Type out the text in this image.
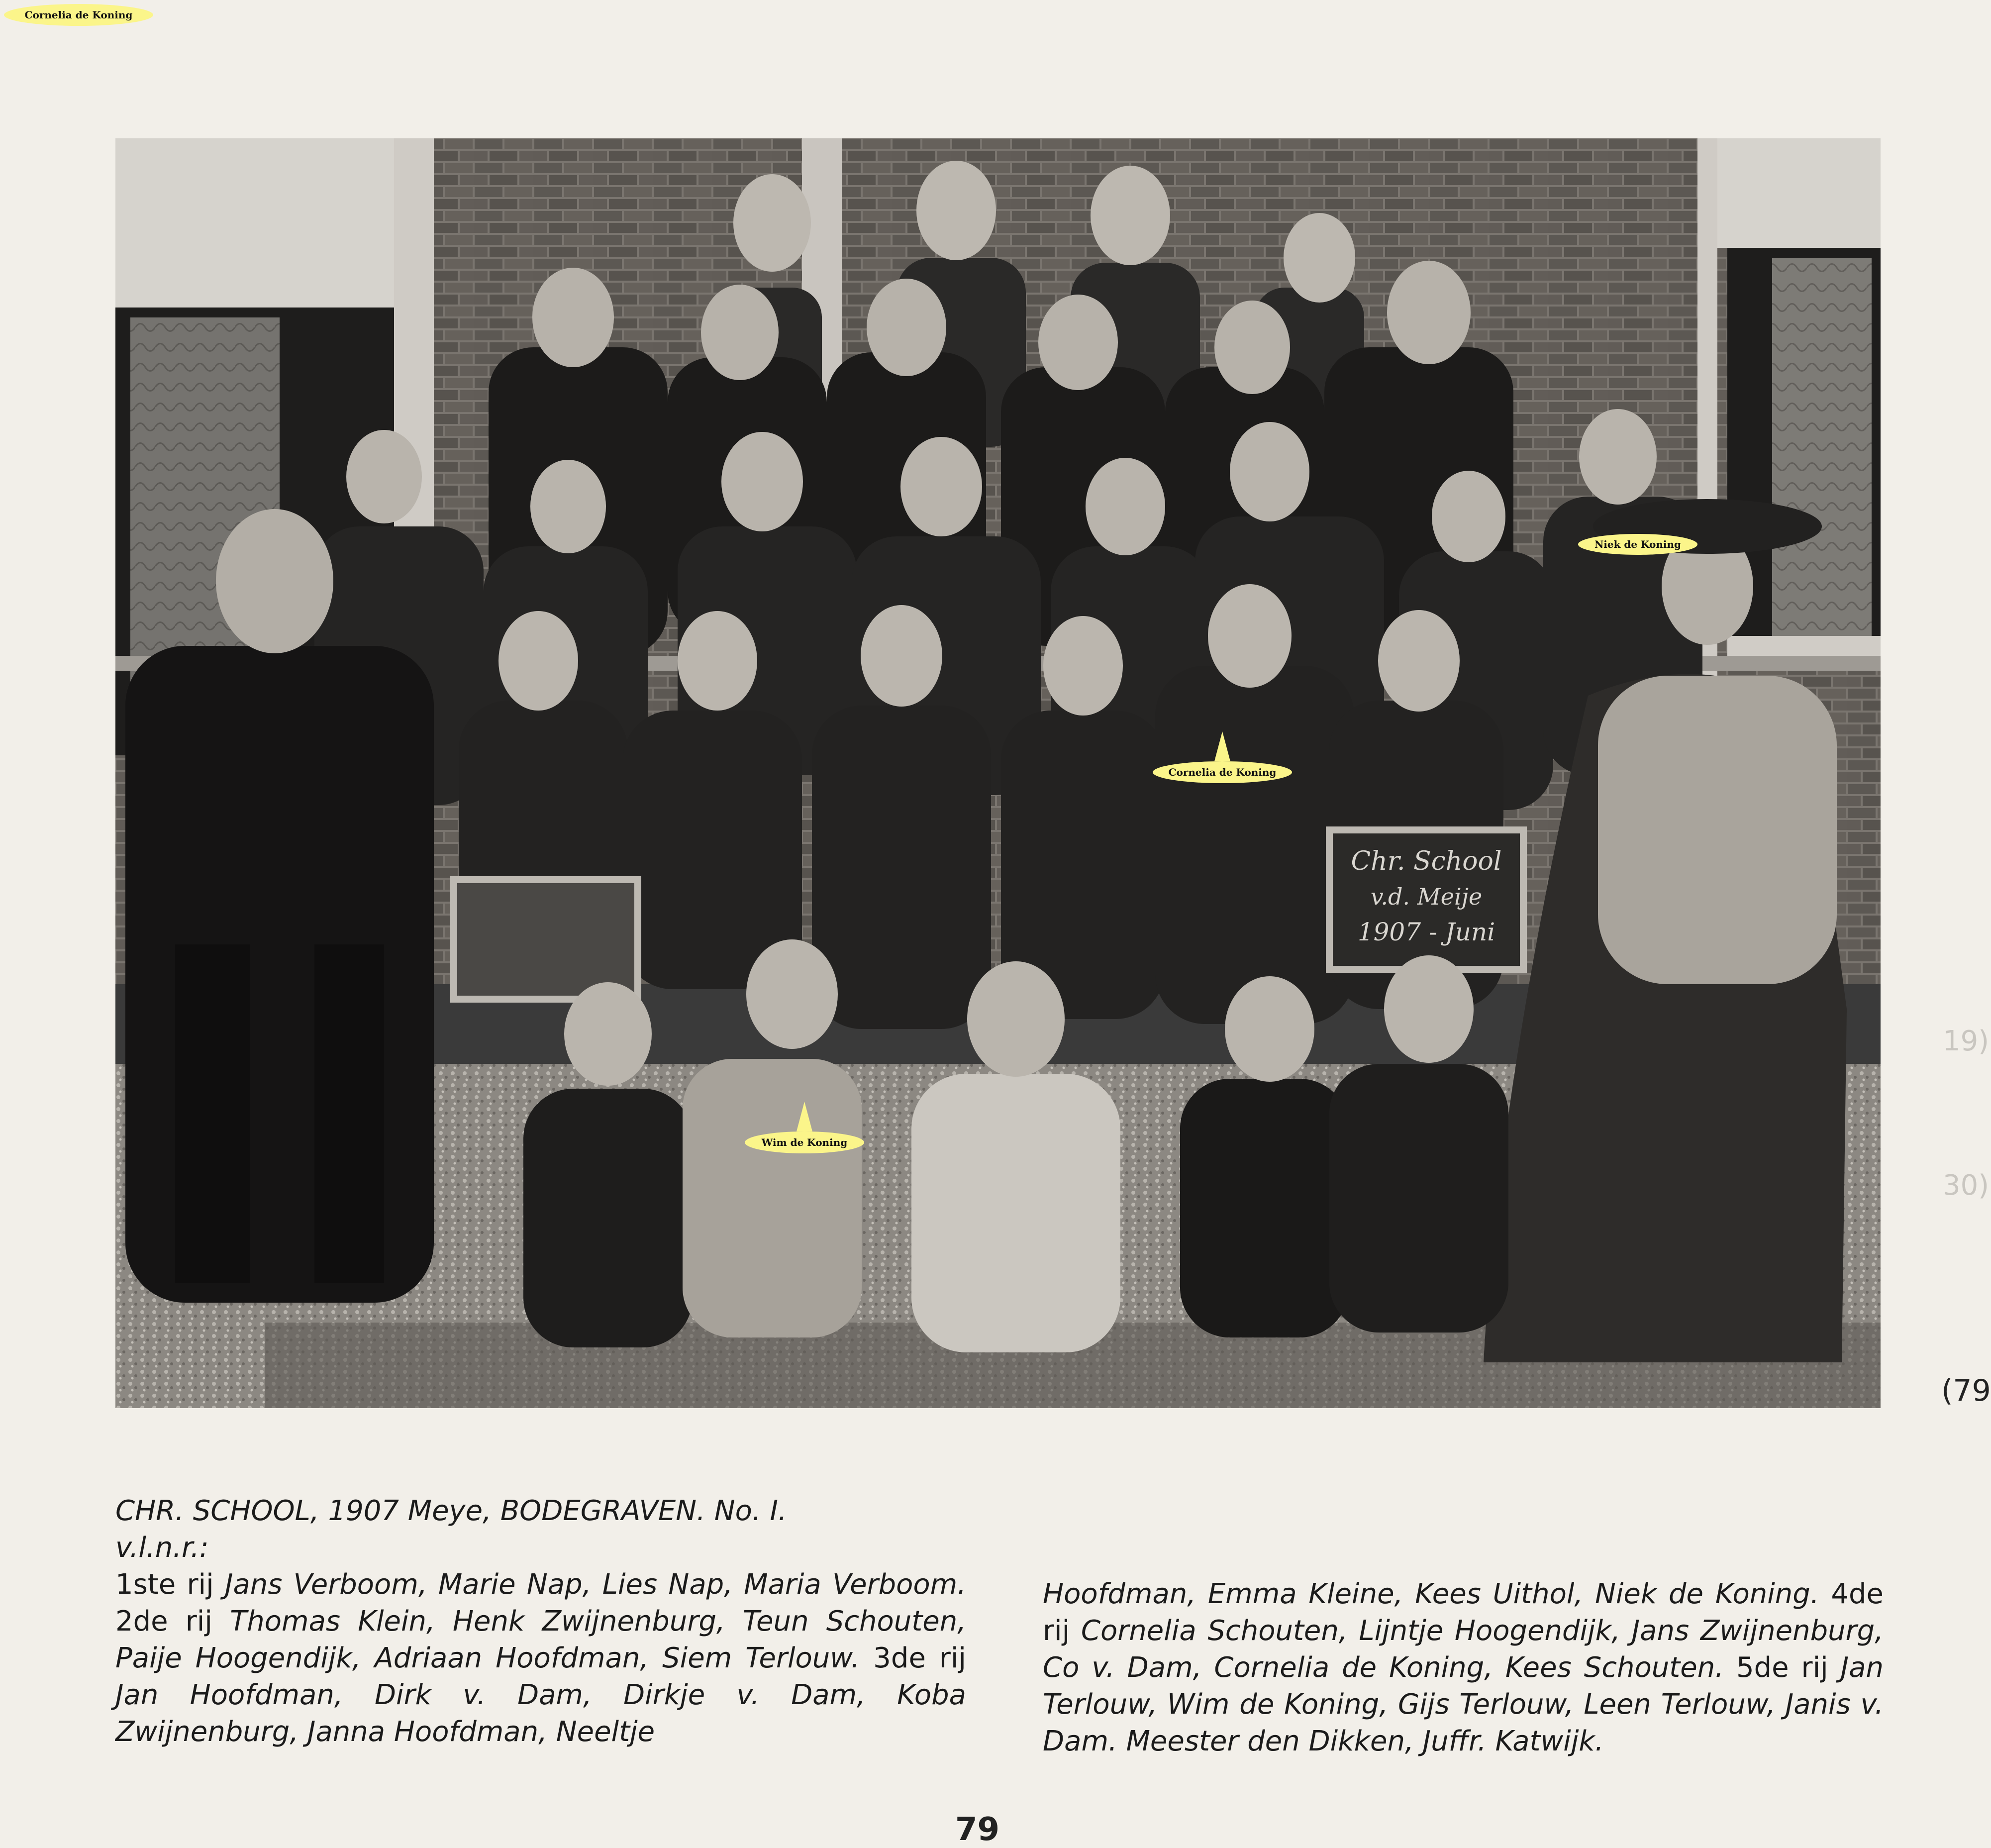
Cornelia de Koning
Chr. School
v.d. Meije
1907 - Juni
Niek de Koning
Cornelia de Koning
Wim de Koning

CHR. SCHOOL, 1907 Meye, BODEGRAVEN. No. I.

v.l.n.r.:

1ste rij Jans Verboom, Marie Nap, Lies Nap, Maria Verboom. 2de rij Thomas Klein, Henk Zwijnenburg, Teun Schouten, Paije Hoogendijk, Adriaan Hoofdman, Siem Terlouw. 3de rij Jan Hoofdman, Dirk v. Dam, Dirkje v. Dam, Koba Zwijnenburg, Janna Hoofdman, Neeltje

Hoofdman, Emma Kleine, Kees Uithol, Niek de Koning. 4de rij Cornelia Schouten, Lijntje Hoogendijk, Jans Zwijnenburg, Co v. Dam, Cornelia de Koning, Kees Schouten. 5de rij Jan Terlouw, Wim de Koning, Gijs Terlouw, Leen Terlouw, Janis v. Dam. Meester den Dikken, Juffr. Katwijk.

(79
19)
30)
79
